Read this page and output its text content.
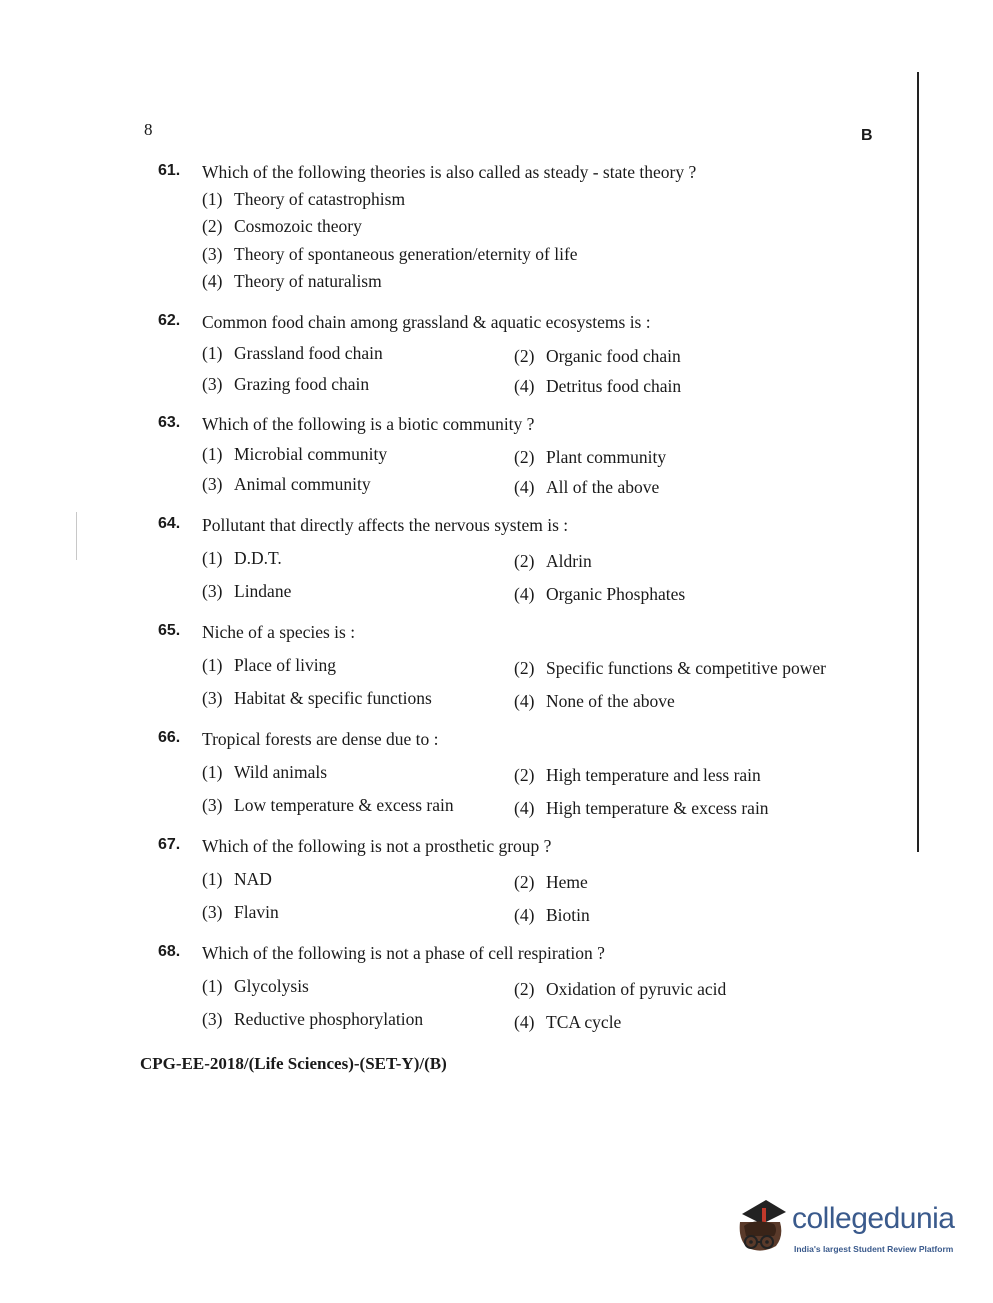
8	B
61. Which of the following theories is also called as steady - state theory ?
(1) Theory of catastrophism
(2) Cosmozoic theory
(3) Theory of spontaneous generation/eternity of life
(4) Theory of naturalism
62. Common food chain among grassland & aquatic ecosystems is :
(1) Grassland food chain	(2) Organic food chain
(3) Grazing food chain	(4) Detritus food chain
63. Which of the following is a biotic community ?
(1) Microbial community	(2) Plant community
(3) Animal community	(4) All of the above
64. Pollutant that directly affects the nervous system is :
(1) D.D.T.	(2) Aldrin
(3) Lindane	(4) Organic Phosphates
65. Niche of a species is :
(1) Place of living	(2) Specific functions & competitive power
(3) Habitat & specific functions	(4) None of the above
66. Tropical forests are dense due to :
(1) Wild animals	(2) High temperature and less rain
(3) Low temperature & excess rain	(4) High temperature & excess rain
67. Which of the following is not a prosthetic group ?
(1) NAD	(2) Heme
(3) Flavin	(4) Biotin
68. Which of the following is not a phase of cell respiration ?
(1) Glycolysis	(2) Oxidation of pyruvic acid
(3) Reductive phosphorylation	(4) TCA cycle
CPG-EE-2018/(Life Sciences)-(SET-Y)/(B)
collegedunia
India's largest Student Review Platform
